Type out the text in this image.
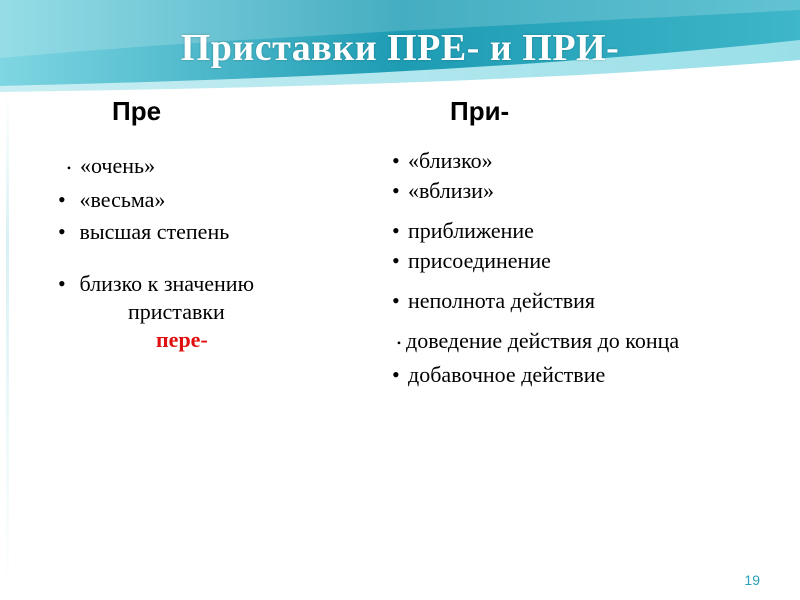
Приставки ПРЕ- и ПРИ-
Пре	При-
• «очень»
• «весьма»
• высшая степень
• близко к значению
приставки
пере-
• «близко»
• «вблизи»
• приближение
• присоединение
• неполнота действия
• доведение действия до конца
• добавочное действие
19
